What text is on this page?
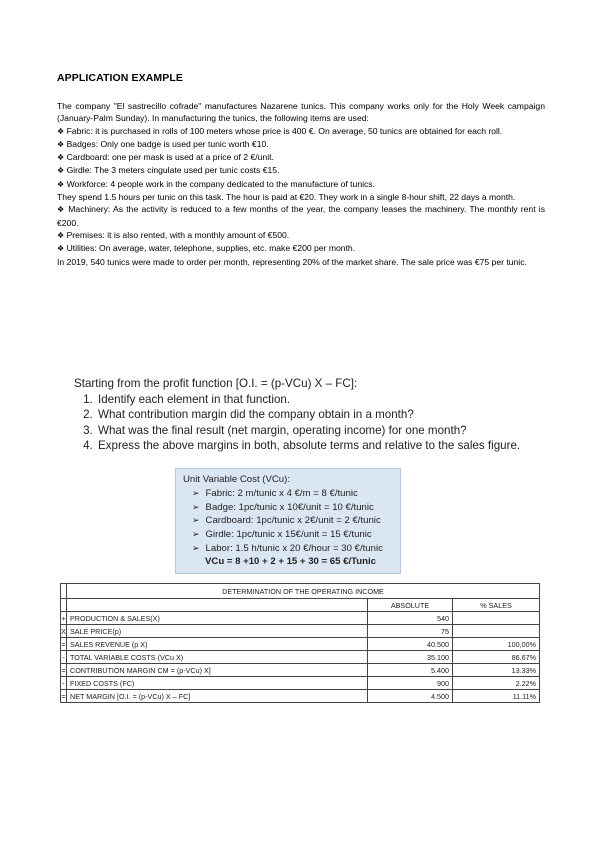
APPLICATION EXAMPLE

The company "El sastrecillo cofrade" manufactures Nazarene tunics. This company works only for the Holy Week campaign (January-Palm Sunday). In manufacturing the tunics, the following items are used:

❖ Fabric: it is purchased in rolls of 100 meters whose price is 400 €. On average, 50 tunics are obtained for each roll.

❖ Badges: Only one badge is used per tunic worth €10.

❖ Cardboard: one per mask is used at a price of 2 €/unit.

❖ Girdle: The 3 meters cingulate used per tunic costs €15.

❖ Workforce: 4 people work in the company dedicated to the manufacture of tunics.

They spend 1.5 hours per tunic on this task. The hour is paid at €20. They work in a single 8-hour shift, 22 days a month.

❖ Machinery: As the activity is reduced to a few months of the year, the company leases the machinery. The monthly rent is €200.

❖ Premises: it is also rented, with a monthly amount of €500.

❖ Utilities: On average, water, telephone, supplies, etc. make €200 per month.

In 2019, 540 tunics were made to order per month, representing 20% of the market share. The sale price was €75 per tunic.

Starting from the profit function [O.I. = (p-VCu) X – FC]:

1. Identify each element in that function.
2. What contribution margin did the company obtain in a month?
3. What was the final result (net margin, operating income) for one month?
4. Express the above margins in both, absolute terms and relative to the sales figure.
Unit Variable Cost (VCu):
➢ Fabric: 2 m/tunic x 4 €/m = 8 €/tunic
➢ Badge: 1pc/tunic x 10€/unit = 10 €/tunic
➢ Cardboard: 1pc/tunic x 2€/unit = 2 €/tunic
➢ Girdle: 1pc/tunic x 15€/unit = 15 €/tunic
➢ Labor: 1.5 h/tunic x 20 €/hour = 30 €/tunic
VCu = 8 +10 + 2 + 15 + 30 = 65 €/Tunic
	DETERMINATION OF THE OPERATING INCOME		
		ABSOLUTE	% SALES
+	PRODUCTION & SALES(X)	540	
X	SALE PRICE(p)	75	
=	SALES REVENUE (p X)	40.500	100,00%
-	TOTAL VARIABLE COSTS (VCu X)	35.100	86.67%
=	CONTRIBUTION MARGIN CM = (p-VCu) X]	5.400	13.33%
-	FIXED COSTS (FC)	900	2.22%
=	NET MARGIN [O.I. = (p-VCu) X – FC]	4.500	11.11%
